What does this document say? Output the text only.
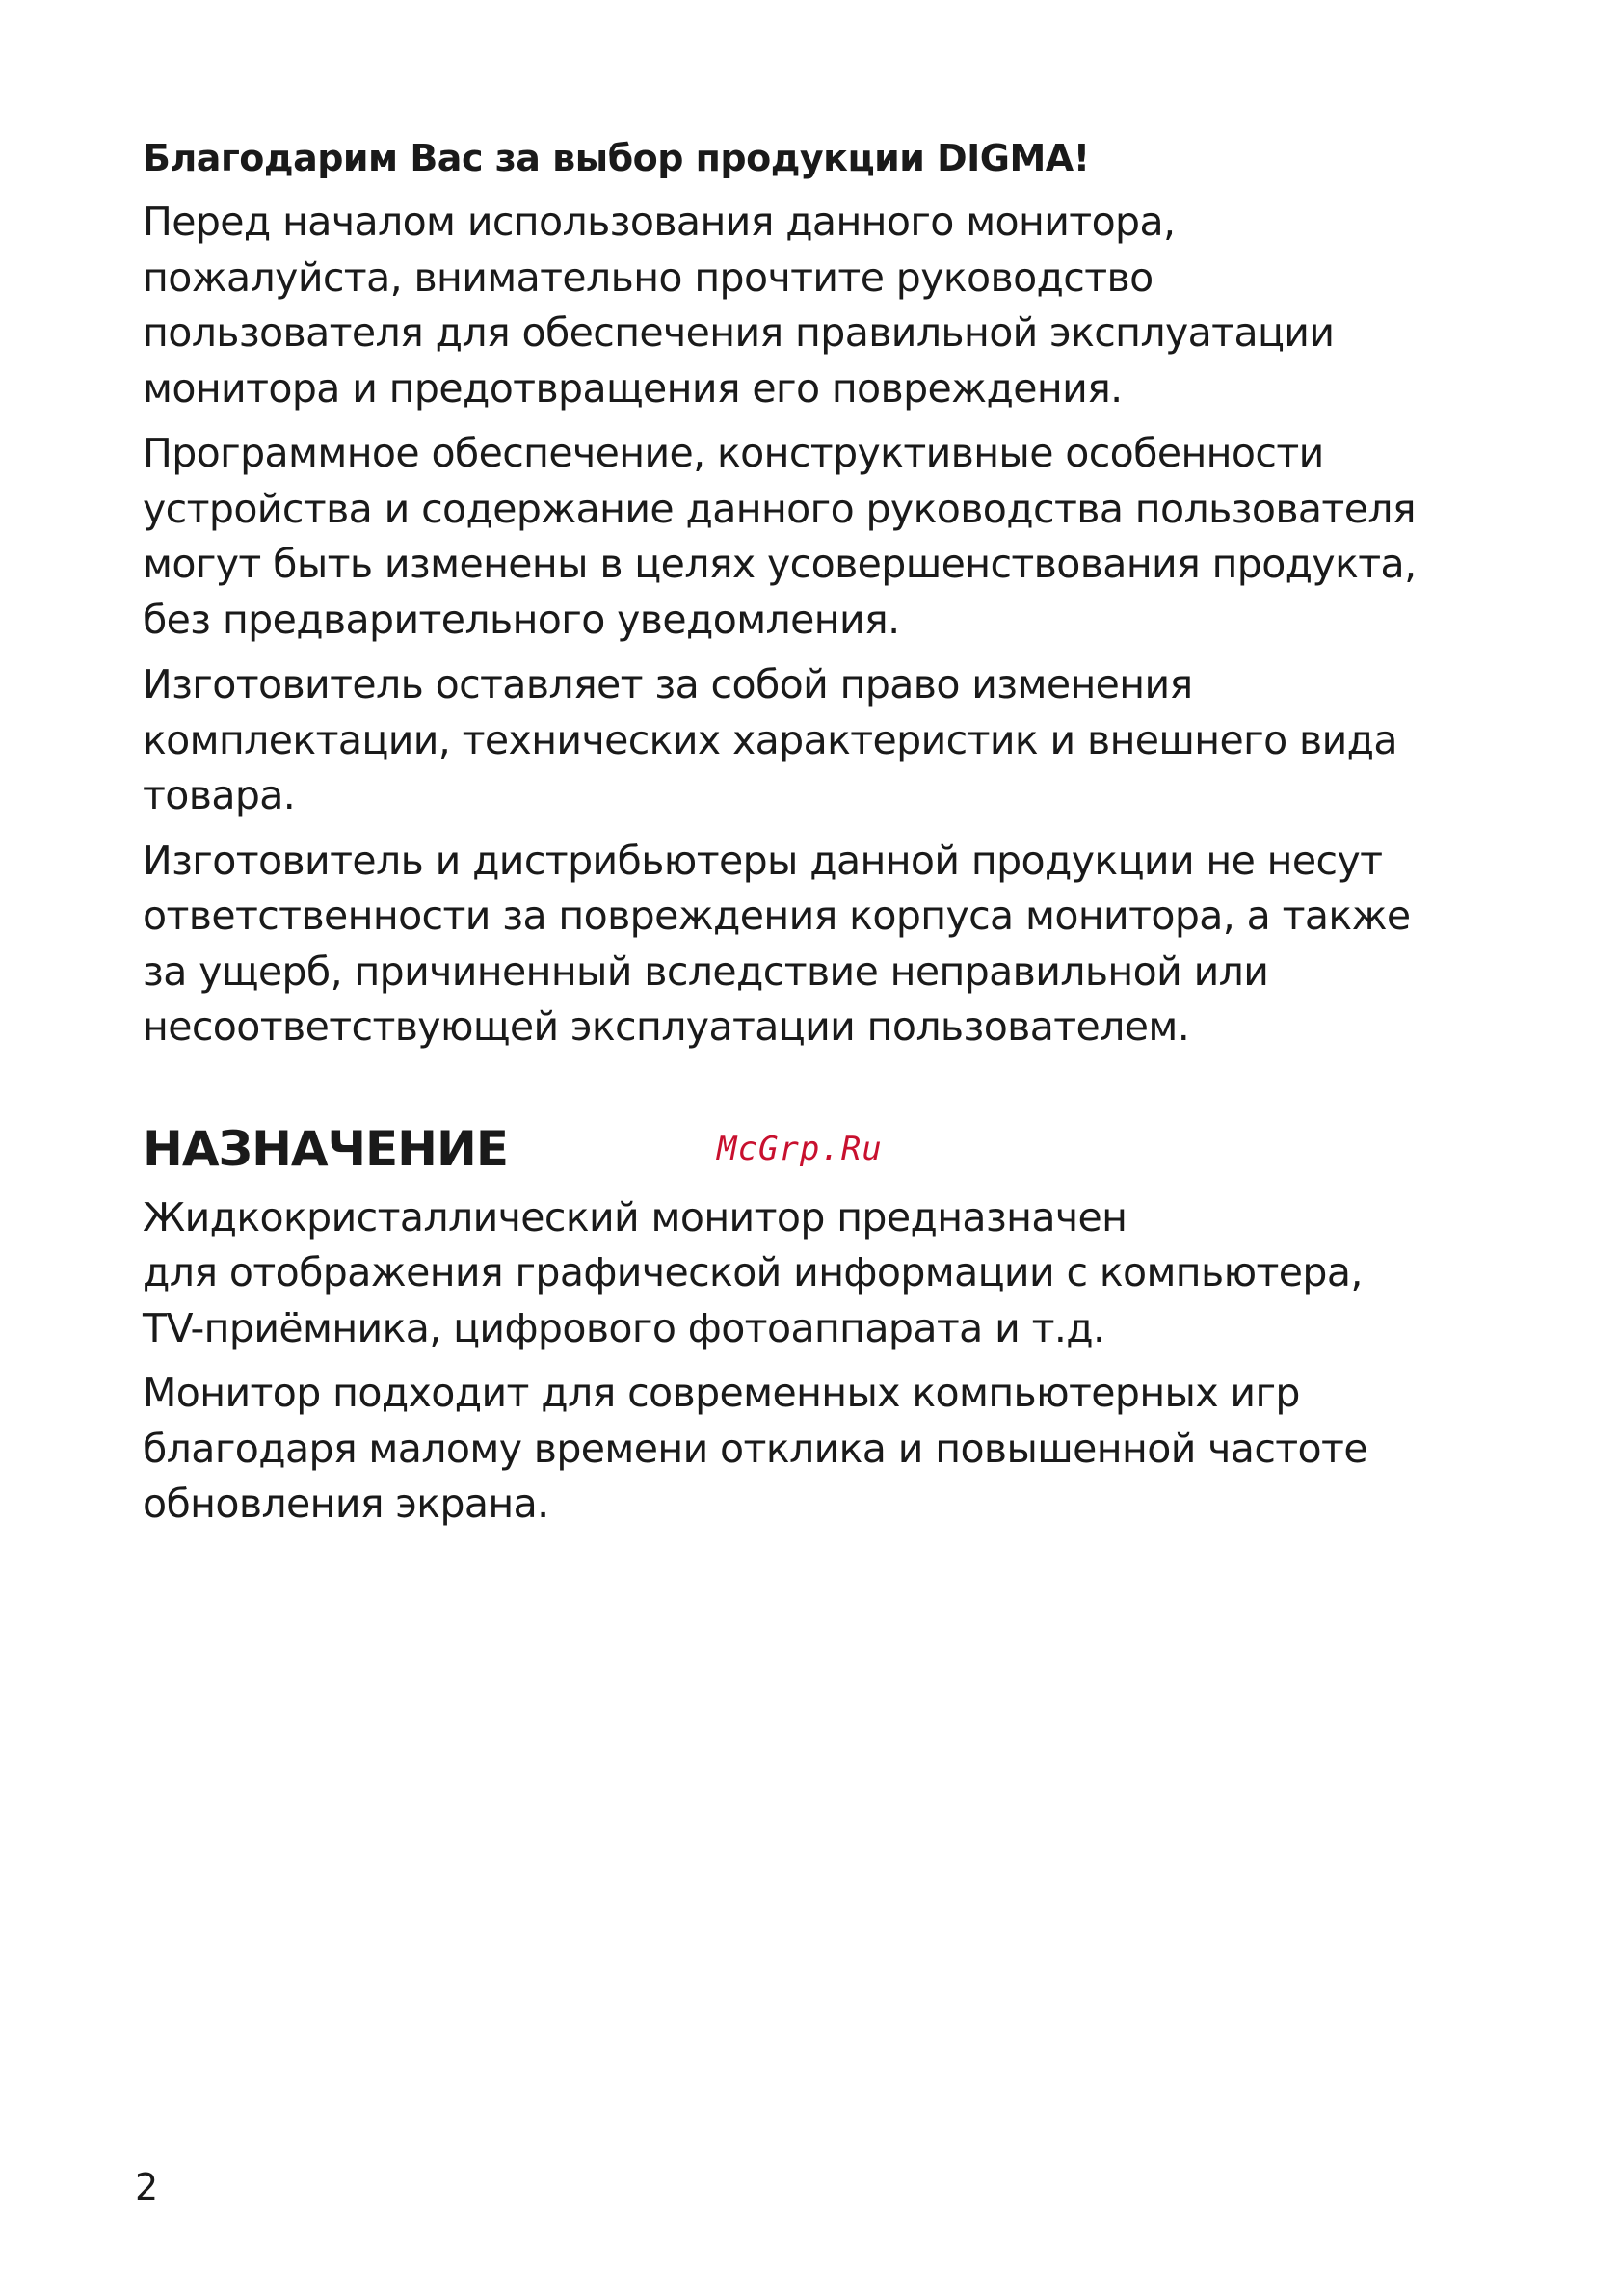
Благодарим Вас за выбор продукции DIGMA!

Перед началом использования данного монитора,
пожалуйста, внимательно прочтите руководство
пользователя для обеспечения правильной эксплуатации
монитора и предотвращения его повреждения.

Программное обеспечение, конструктивные особенности
устройства и содержание данного руководства пользователя
могут быть изменены в целях усовершенствования продукта,
без предварительного уведомления.

Изготовитель оставляет за собой право изменения
комплектации, технических характеристик и внешнего вида
товара.

Изготовитель и дистрибьютеры данной продукции не несут
ответственности за повреждения корпуса монитора, а также
за ущерб, причиненный вследствие неправильной или
несоответствующей эксплуатации пользователем.

НАЗНАЧЕНИЕ	McGrp.Ru

Жидкокристаллический монитор предназначен
для отображения графической информации с компьютера,
TV-приёмника, цифрового фотоаппарата и т.д.

Монитор подходит для современных компьютерных игр
благодаря малому времени отклика и повышенной частоте
обновления экрана.

2
